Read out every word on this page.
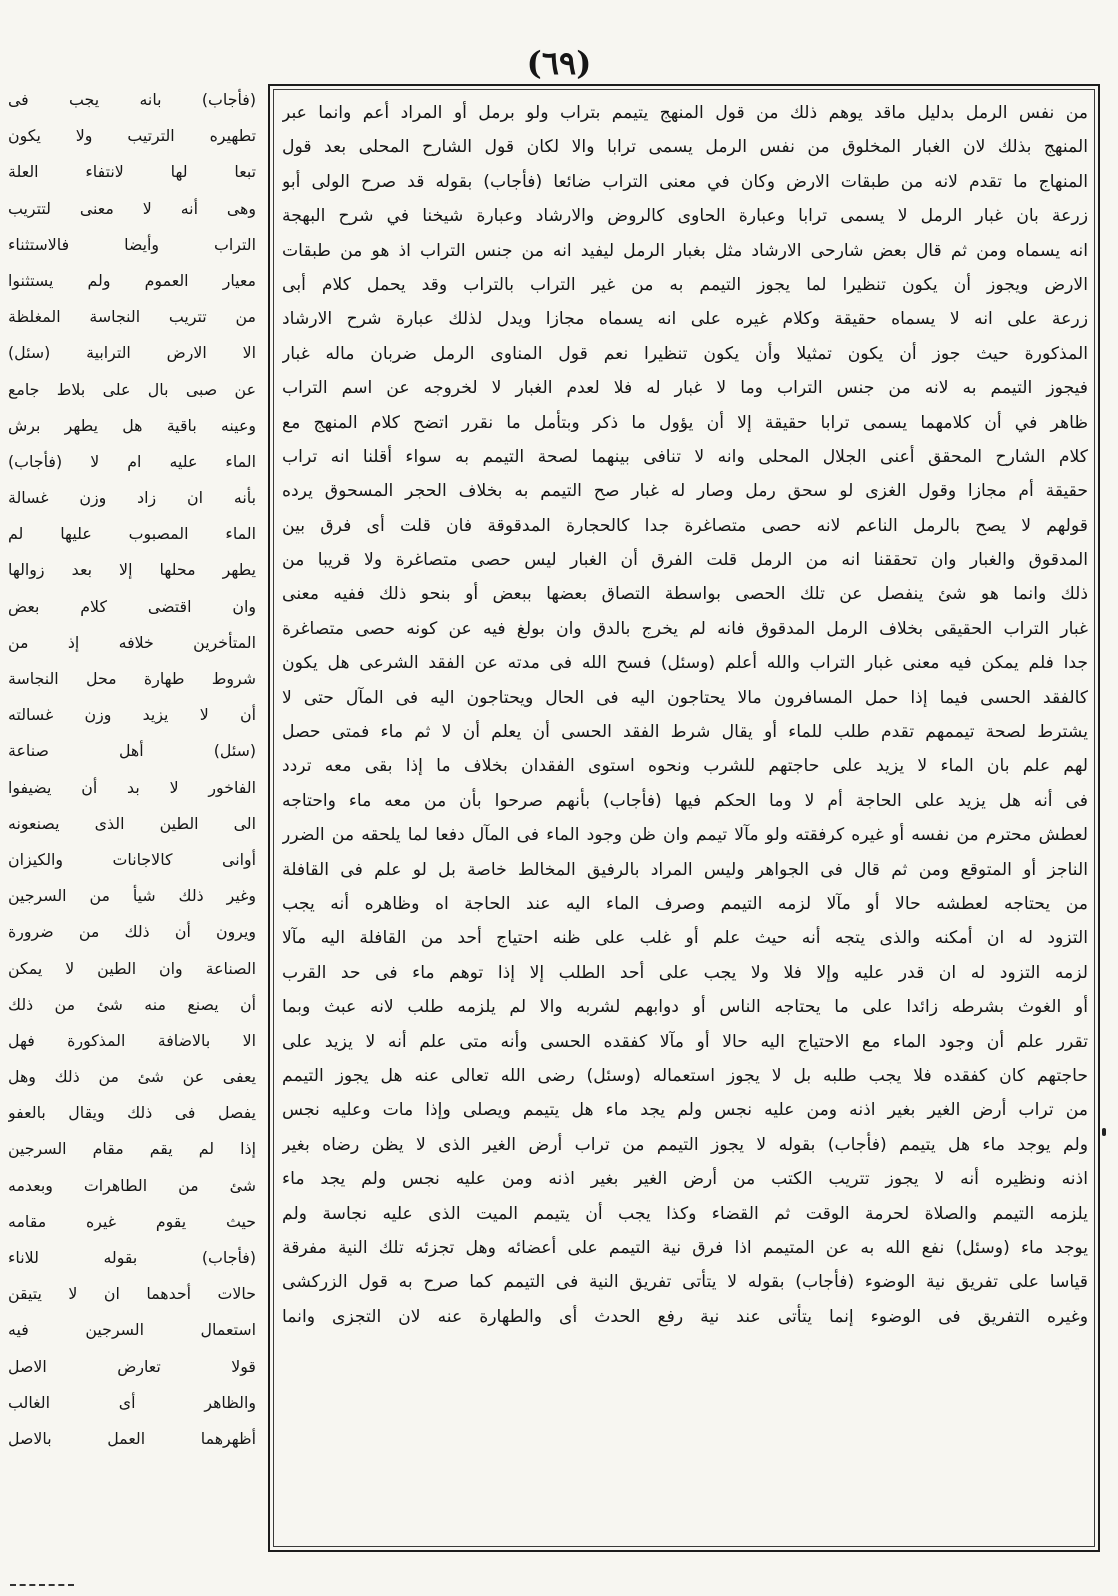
(٦٩)
من نفس الرمل بدليل ماقد يوهم ذلك من قول المنهج يتيمم بتراب ولو برمل أو المراد أعم وانما عبر
المنهج بذلك لان الغبار المخلوق من نفس الرمل يسمى ترابا والا لكان قول الشارح المحلى بعد قول
المنهاج ما تقدم لانه من طبقات الارض وكان في معنى التراب ضائعا (فأجاب) بقوله قد صرح الولى أبو
زرعة بان غبار الرمل لا يسمى ترابا وعبارة الحاوى كالروض والارشاد وعبارة شيخنا في شرح البهجة
انه يسماه ومن ثم قال بعض شارحى الارشاد مثل بغبار الرمل ليفيد انه من جنس التراب اذ هو من طبقات
الارض ويجوز أن يكون تنظيرا لما يجوز التيمم به من غير التراب بالتراب وقد يحمل كلام أبى
زرعة على انه لا يسماه حقيقة وكلام غيره على انه يسماه مجازا ويدل لذلك عبارة شرح الارشاد
المذكورة حيث جوز أن يكون تمثيلا وأن يكون تنظيرا نعم قول المناوى الرمل ضربان ماله غبار
فيجوز التيمم به لانه من جنس التراب وما لا غبار له فلا لعدم الغبار لا لخروجه عن اسم التراب
ظاهر في أن كلامهما يسمى ترابا حقيقة إلا أن يؤول ما ذكر وبتأمل ما نقرر اتضح كلام المنهج مع
كلام الشارح المحقق أعنى الجلال المحلى وانه لا تنافى بينهما لصحة التيمم به سواء أقلنا انه تراب
حقيقة أم مجازا وقول الغزى لو سحق رمل وصار له غبار صح التيمم به بخلاف الحجر المسحوق يرده
قولهم لا يصح بالرمل الناعم لانه حصى متصاغرة جدا كالحجارة المدقوقة فان قلت أى فرق بين
المدقوق والغبار وان تحققنا انه من الرمل قلت الفرق أن الغبار ليس حصى متصاغرة ولا قريبا من
ذلك وانما هو شئ ينفصل عن تلك الحصى بواسطة التصاق بعضها ببعض أو بنحو ذلك ففيه معنى
غبار التراب الحقيقى بخلاف الرمل المدقوق فانه لم يخرج بالدق وان بولغ فيه عن كونه حصى متصاغرة
جدا فلم يمكن فيه معنى غبار التراب والله أعلم (وسئل) فسح الله فى مدته عن الفقد الشرعى هل يكون
كالفقد الحسى فيما إذا حمل المسافرون مالا يحتاجون اليه فى الحال ويحتاجون اليه فى المآل حتى لا
يشترط لصحة تيممهم تقدم طلب للماء أو يقال شرط الفقد الحسى أن يعلم أن لا ثم ماء فمتى حصل
لهم علم بان الماء لا يزيد على حاجتهم للشرب ونحوه استوى الفقدان بخلاف ما إذا بقى معه تردد
فى أنه هل يزيد على الحاجة أم لا وما الحكم فيها (فأجاب) بأنهم صرحوا بأن من معه ماء واحتاجه
لعطش محترم من نفسه أو غيره كرفقته ولو مآلا تيمم وان ظن وجود الماء فى المآل دفعا لما يلحقه من الضرر
الناجز أو المتوقع ومن ثم قال فى الجواهر وليس المراد بالرفيق المخالط خاصة بل لو علم فى القافلة
من يحتاجه لعطشه حالا أو مآلا لزمه التيمم وصرف الماء اليه عند الحاجة اه وظاهره أنه يجب
التزود له ان أمكنه والذى يتجه أنه حيث علم أو غلب على ظنه احتياج أحد من القافلة اليه مآلا
لزمه التزود له ان قدر عليه وإلا فلا ولا يجب على أحد الطلب إلا إذا توهم ماء فى حد القرب
أو الغوث بشرطه زائدا على ما يحتاجه الناس أو دوابهم لشربه والا لم يلزمه طلب لانه عبث وبما
تقرر علم أن وجود الماء مع الاحتياج اليه حالا أو مآلا كفقده الحسى وأنه متى علم أنه لا يزيد على
حاجتهم كان كفقده فلا يجب طلبه بل لا يجوز استعماله (وسئل) رضى الله تعالى عنه هل يجوز التيمم
من تراب أرض الغير بغير اذنه ومن عليه نجس ولم يجد ماء هل يتيمم ويصلى وإذا مات وعليه نجس
ولم يوجد ماء هل يتيمم (فأجاب) بقوله لا يجوز التيمم من تراب أرض الغير الذى لا يظن رضاه بغير
اذنه ونظيره أنه لا يجوز تتريب الكتب من أرض الغير بغير اذنه ومن عليه نجس ولم يجد ماء
يلزمه التيمم والصلاة لحرمة الوقت ثم القضاء وكذا يجب أن يتيمم الميت الذى عليه نجاسة ولم
يوجد ماء (وسئل) نفع الله به عن المتيمم اذا فرق نية التيمم على أعضائه وهل تجزئه تلك النية مفرقة
قياسا على تفريق نية الوضوء (فأجاب) بقوله لا يتأتى تفريق النية فى التيمم كما صرح به قول الزركشى
وغيره التفريق فى الوضوء إنما يتأتى عند نية رفع الحدث أى والطهارة عنه لان التجزى وانما
(فأجاب) بانه يجب فى
تطهيره الترتيب ولا يكون
تبعا لها لانتفاء العلة
وهى أنه لا معنى لتتريب
التراب وأيضا فالاستثناء
معيار العموم ولم يستثنوا
من تتريب النجاسة المغلظة
الا الارض الترابية (سئل)
عن صبى بال على بلاط جامع
وعينه باقية هل يطهر برش
الماء عليه ام لا (فأجاب)
بأنه ان زاد وزن غسالة
الماء المصبوب عليها لم
يطهر محلها إلا بعد زوالها
وان اقتضى كلام بعض
المتأخرين خلافه إذ من
شروط طهارة محل النجاسة
أن لا يزيد وزن غسالته
(سئل) أهل صناعة
الفاخور لا بد أن يضيفوا
الى الطين الذى يصنعونه
أوانى كالاجانات والكيزان
وغير ذلك شيأ من السرجين
ويرون أن ذلك من ضرورة
الصناعة وان الطين لا يمكن
أن يصنع منه شئ من ذلك
الا بالاضافة المذكورة فهل
يعفى عن شئ من ذلك وهل
يفصل فى ذلك ويقال بالعفو
إذا لم يقم مقام السرجين
شئ من الطاهرات وبعدمه
حيث يقوم غيره مقامه
(فأجاب) بقوله للاناء
حالات أحدهما ان لا يتيقن
استعمال السرجين فيه
قولا تعارض الاصل
والظاهر أى الغالب
أظهرهما العمل بالاصل
